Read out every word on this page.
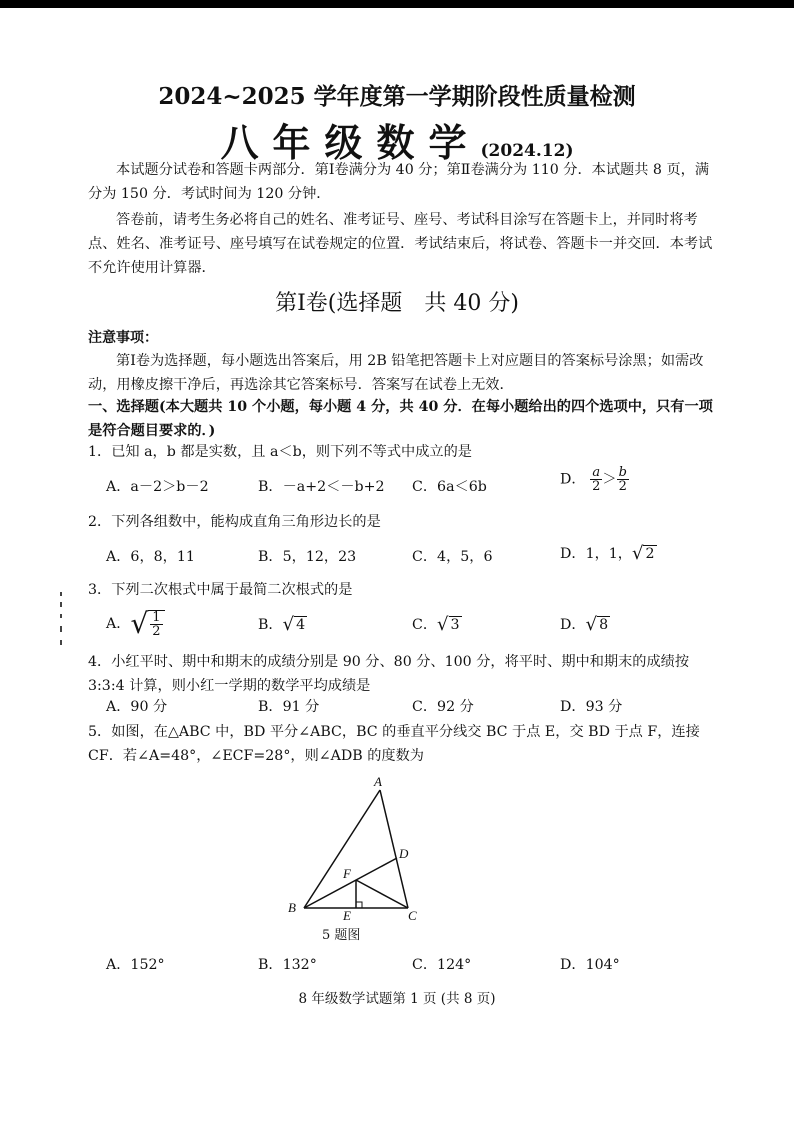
2024~2025 学年度第一学期阶段性质量检测
八年级数学(2024.12)
本试题分试卷和答题卡两部分．第Ⅰ卷满分为 40 分；第Ⅱ卷满分为 110 分．本试题共 8 页，满分为 150 分．考试时间为 120 分钟．
答卷前，请考生务必将自己的姓名、准考证号、座号、考试科目涂写在答题卡上，并同时将考点、姓名、准考证号、座号填写在试卷规定的位置．考试结束后，将试卷、答题卡一并交回．本考试不允许使用计算器．
第Ⅰ卷(选择题　共 40 分)
注意事项：
第Ⅰ卷为选择题，每小题选出答案后，用 2B 铅笔把答题卡上对应题目的答案标号涂黑；如需改动，用橡皮擦干净后，再选涂其它答案标号．答案写在试卷上无效．
一、选择题(本大题共 10 个小题，每小题 4 分，共 40 分．在每小题给出的四个选项中，只有一项是符合题目要求的．)
1．已知 a，b 都是实数，且 a＜b，则下列不等式中成立的是
A．a－2＞b－2	B．－a+2＜－b+2 C．6a＜6b	D． $\frac{a}{2} > \frac{b}{2}$
2．下列各组数中，能构成直角三角形边长的是
A．6，8，11	B．5，12，23	C．4，5，6	D．1，1， √ 2
3．下列二次根式中属于最简二次根式的是
A． √ $\frac{1}{2}$	B． √ 4	C． √ 3	D． √ 8
4．小红平时、期中和期末的成绩分别是 90 分、80 分、100 分，将平时、期中和期末的成绩按 3:3:4 计算，则小红一学期的数学平均成绩是
A．90 分	B．91 分	C．92 分	D．93 分
5．如图，在△ABC 中，BD 平分∠ABC，BC 的垂直平分线交 BC 于点 E，交 BD 于点 F，连接 CF．若∠A=48°，∠ECF=28°，则∠ADB 的度数为
A
B
C
D
E
F
5 题图
A．152°	B．132°	C．124°	D．104°
8 年级数学试题第 1 页 (共 8 页)
